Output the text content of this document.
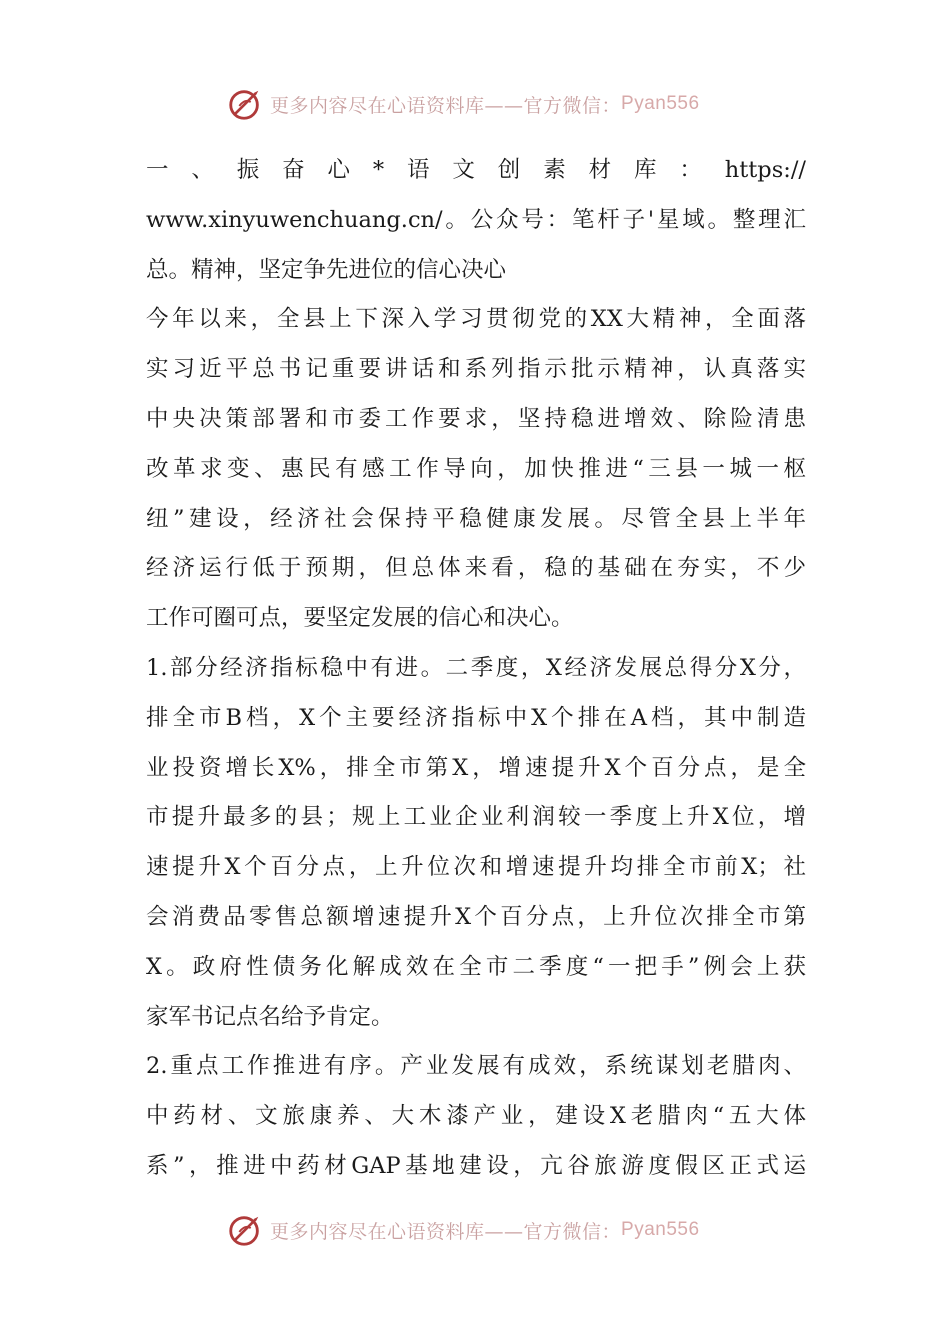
更多内容尽在心语资料库——官方微信： Pyan556
一、振奋心*语文创素材库：https://
www.xinyuwenchuang.cn/。公众号：笔杆子'星域。整理汇
总。精神，坚定争先进位的信心决心
今年以来，全县上下深入学习贯彻党的XX大精神，全面落
实习近平总书记重要讲话和系列指示批示精神，认真落实
中央决策部署和市委工作要求，坚持稳进增效、除险清患
改革求变、惠民有感工作导向，加快推进“三县一城一枢
纽”建设，经济社会保持平稳健康发展。尽管全县上半年
经济运行低于预期，但总体来看，稳的基础在夯实，不少
工作可圈可点，要坚定发展的信心和决心。
1.部分经济指标稳中有进。二季度，X经济发展总得分X分，
排全市B档，X个主要经济指标中X个排在A档，其中制造
业投资增长X%，排全市第X，增速提升X个百分点，是全
市提升最多的县；规上工业企业利润较一季度上升X位，增
速提升X个百分点，上升位次和增速提升均排全市前X；社
会消费品零售总额增速提升X个百分点，上升位次排全市第
X。政府性债务化解成效在全市二季度“一把手”例会上获
家军书记点名给予肯定。
2.重点工作推进有序。产业发展有成效，系统谋划老腊肉、
中药材、文旅康养、大木漆产业，建设X老腊肉“五大体
系”，推进中药材GAP基地建设，亢谷旅游度假区正式运
更多内容尽在心语资料库——官方微信： Pyan556
